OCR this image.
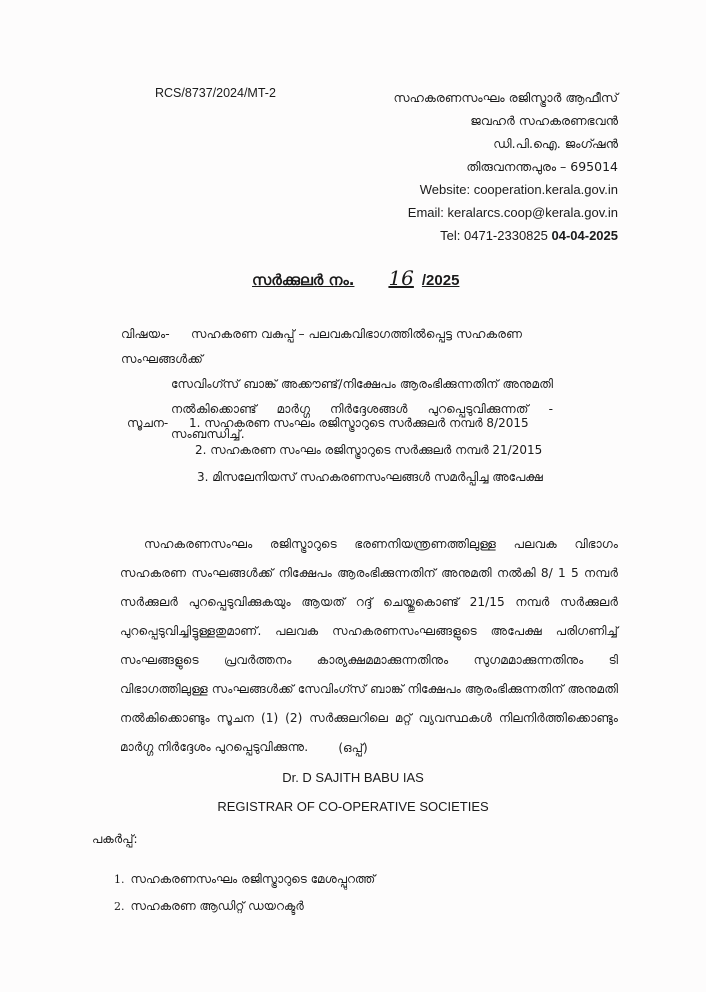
RCS/8737/2024/MT-2	സഹകരണസംഘം രജിസ്ട്രാർ ആഫീസ്
ജവഹർ സഹകരണഭവൻ
ഡി.പി.ഐ. ജംഗ്ഷൻ
തിരുവനന്തപുരം – 695014
Website: cooperation.kerala.gov.in
Email: keralarcs.coop@kerala.gov.in
Tel: 0471-2330825 04-04-2025
സർക്കുലർ നം. 16 /2025
വിഷയം- സഹകരണ വകുപ്പ് – പലവകവിഭാഗത്തിൽപ്പെട്ട സഹകരണ സംഘങ്ങൾക്ക്
സേവിംഗ്സ് ബാങ്ക് അക്കൗണ്ട്/നിക്ഷേപം ആരംഭിക്കുന്നതിന് അനുമതി
നൽകിക്കൊണ്ട് മാർഗ്ഗ നിർദ്ദേശങ്ങൾ പുറപ്പെടുവിക്കുന്നത് - സംബന്ധിച്ച്.
സൂചന- 1. സഹകരണ സംഘം രജിസ്ട്രാറുടെ സർക്കുലർ നമ്പർ 8/2015
2. സഹകരണ സംഘം രജിസ്ട്രാറുടെ സർക്കുലർ നമ്പർ 21/2015
3. മിസലേനിയസ് സഹകരണസംഘങ്ങൾ സമർപ്പിച്ച അപേക്ഷ

സഹകരണസംഘം രജിസ്ട്രാറുടെ ഭരണനിയന്ത്രണത്തിലുള്ള പലവക വിഭാഗം സഹകരണ സംഘങ്ങൾക്ക് നിക്ഷേപം ആരംഭിക്കുന്നതിന് അനുമതി നൽകി 8/ 1 5 നമ്പർ സർക്കുലർ പുറപ്പെടുവിക്കുകയും ആയത് റദ്ദ് ചെയ്തുകൊണ്ട് 21/15 നമ്പർ സർക്കുലർ പുറപ്പെടുവിച്ചിട്ടുള്ളതുമാണ്. പലവക സഹകരണസംഘങ്ങളുടെ അപേക്ഷ പരിഗണിച്ച് സംഘങ്ങളുടെ പ്രവർത്തനം കാര്യക്ഷമമാക്കുന്നതിനും സുഗമമാക്കുന്നതിനും ടി വിഭാഗത്തിലുള്ള സംഘങ്ങൾക്ക് സേവിംഗ്സ് ബാങ്ക് നിക്ഷേപം ആരംഭിക്കുന്നതിന് അനുമതി നൽകിക്കൊണ്ടും സൂചന (1) (2) സർക്കുലറിലെ മറ്റ് വ്യവസ്ഥകൾ നിലനിർത്തിക്കൊണ്ടും മാർഗ്ഗ നിർദ്ദേശം പുറപ്പെടുവിക്കുന്നു.	(ഒപ്പ്)
Dr. D SAJITH BABU IAS
REGISTRAR OF CO-OPERATIVE SOCIETIES
പകർപ്പ്:
1. സഹകരണസംഘം രജിസ്ട്രാറുടെ മേശപ്പുറത്ത്
2. സഹകരണ ആഡിറ്റ് ഡയറക്ടർ
